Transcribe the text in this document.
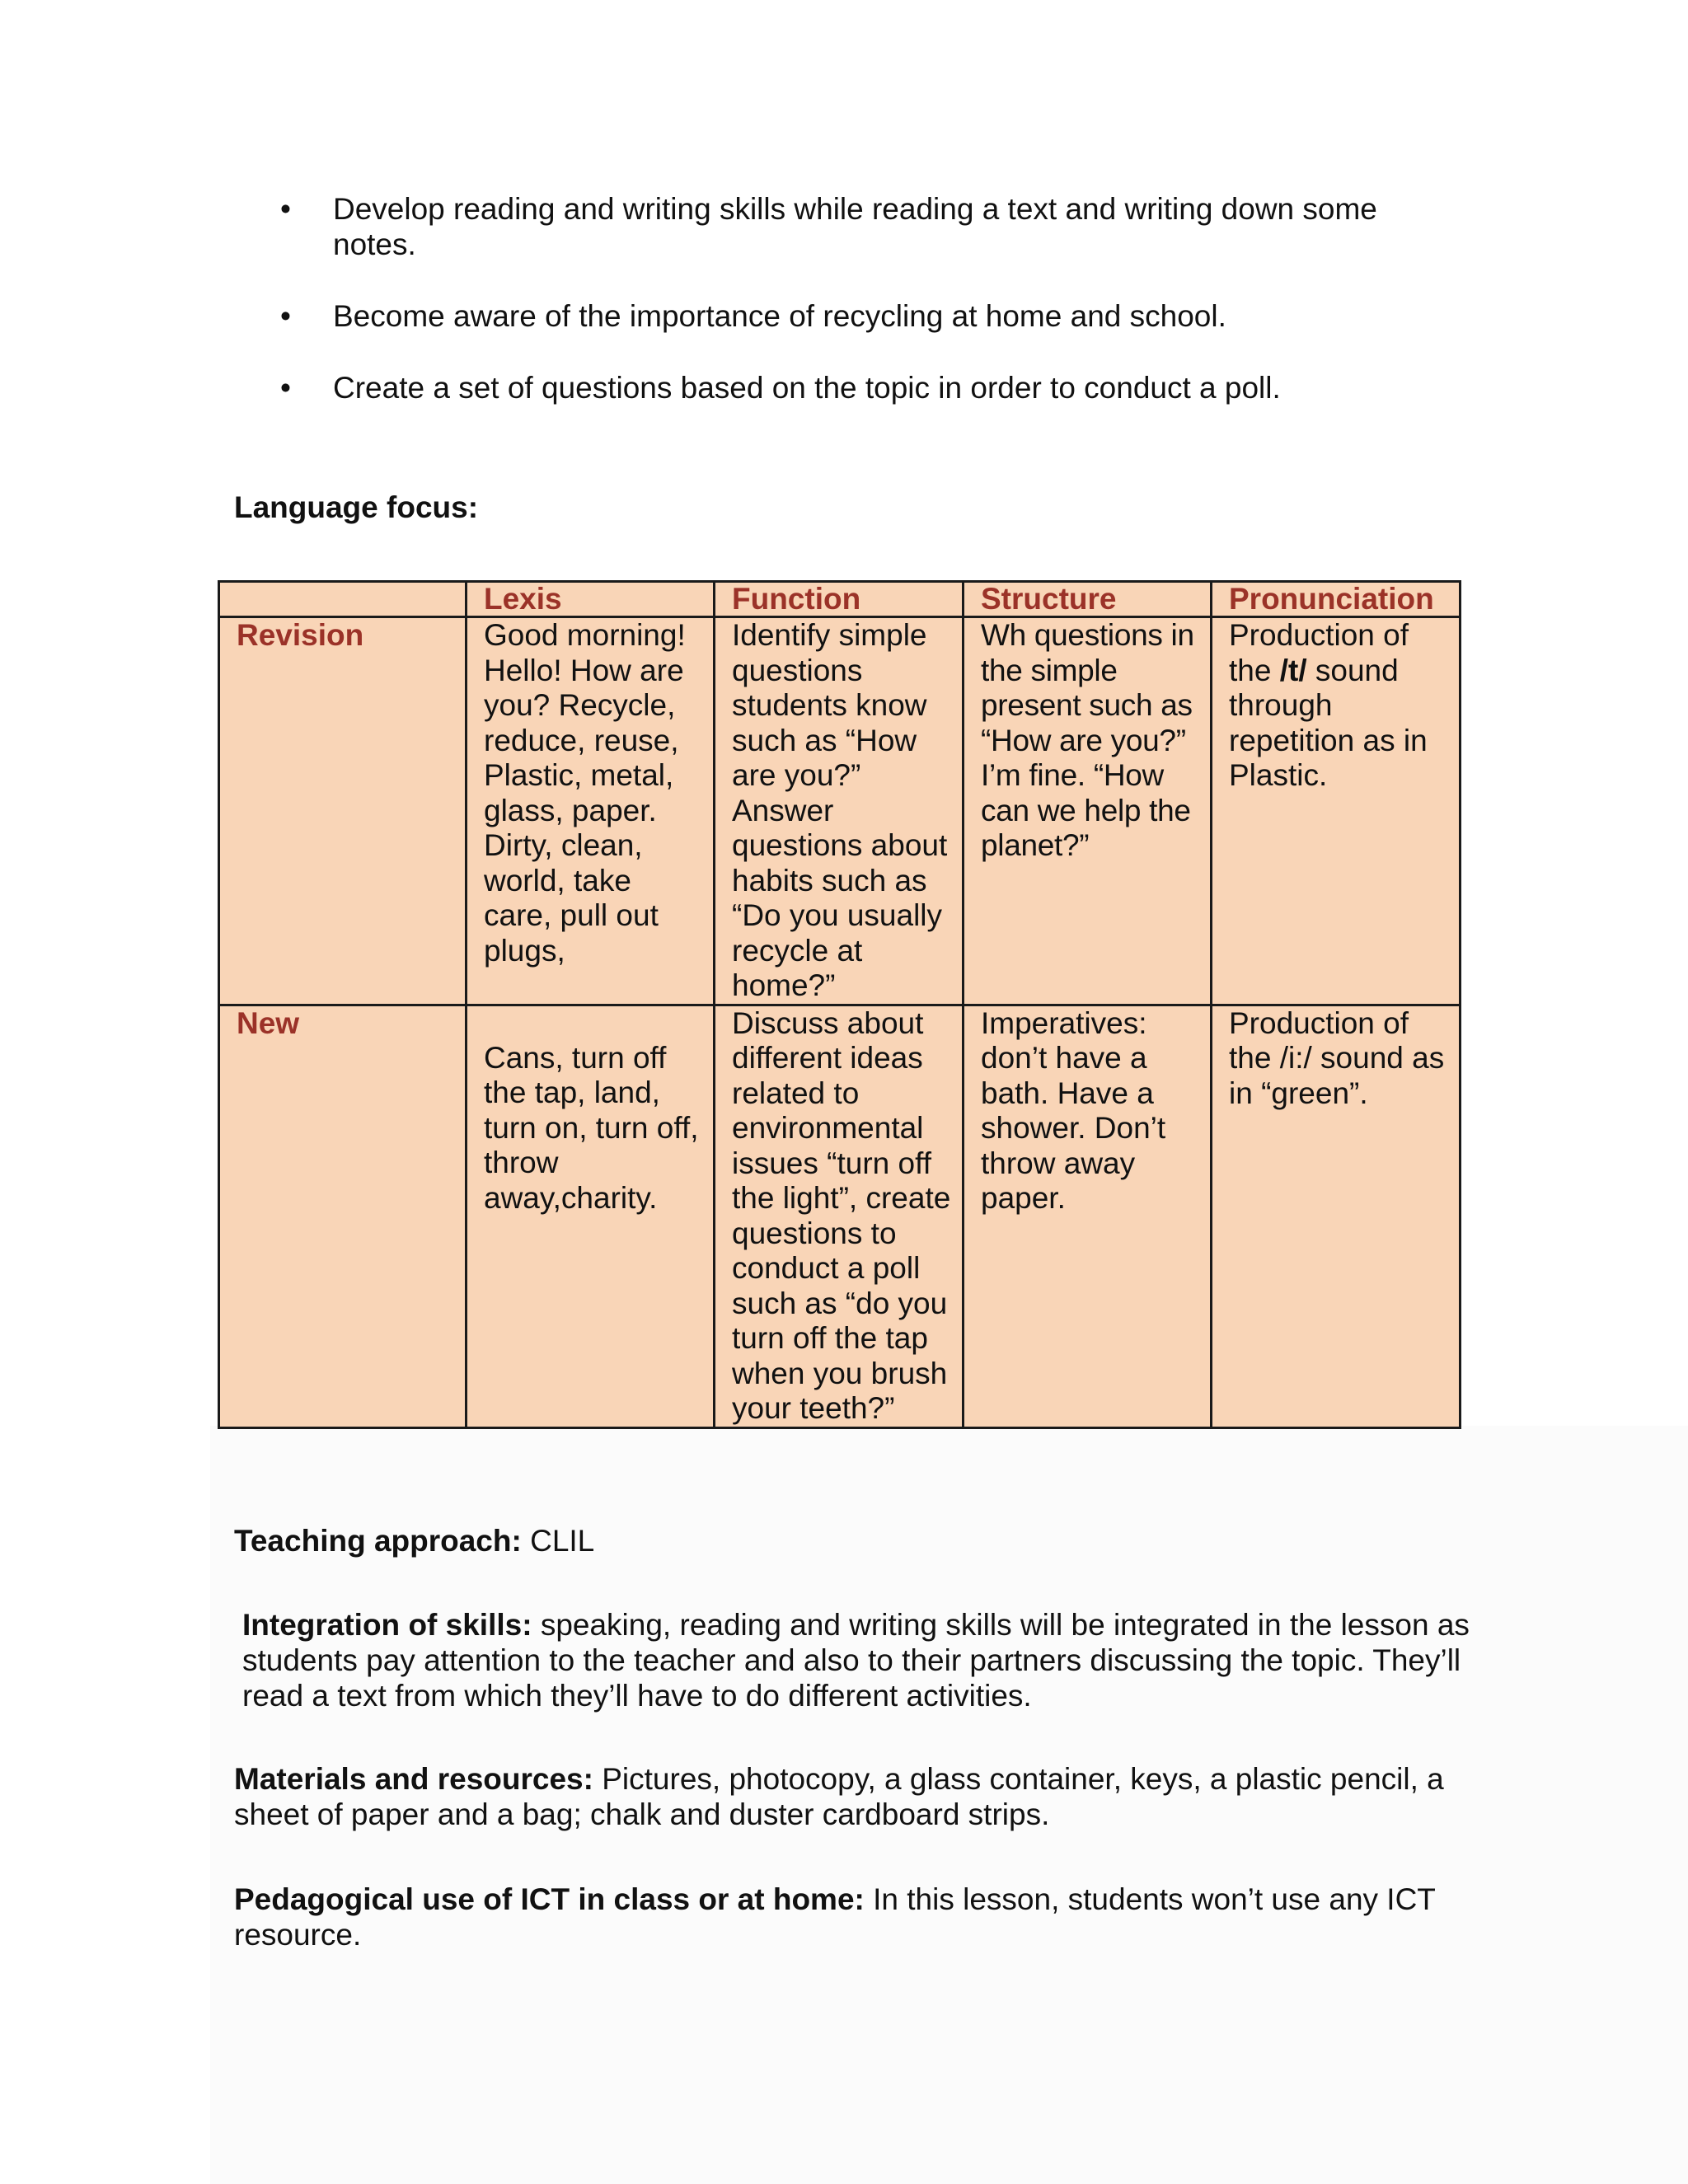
• Develop reading and writing skills while reading a text and writing down some notes.
• Become aware of the importance of recycling at home and school.
• Create a set of questions based on the topic in order to conduct a poll.

Language focus:

	Lexis	Function	Structure	Pronunciation
Revision	Good morning! Hello! How are you? Recycle, reduce, reuse, Plastic, metal, glass, paper. Dirty, clean, world, take care, pull out plugs,	Identify simple questions students know such as “How are you?” Answer questions about habits such as “Do you usually recycle at home?”	Wh questions in the simple present such as “How are you?” I’m fine. “How can we help the planet?”	Production of the /t/ sound through repetition as in Plastic.
New	Cans, turn off the tap, land, turn on, turn off, throw away,charity.	Discuss about different ideas related to environmental issues “turn off the light”, create questions to conduct a poll such as “do you turn off the tap when you brush your teeth?”	Imperatives: don’t have a bath. Have a shower. Don’t throw away paper.	Production of the /i:/ sound as in “green”.

Teaching approach: CLIL

Integration of skills: speaking, reading and writing skills will be integrated in the lesson as students pay attention to the teacher and also to their partners discussing the topic. They’ll read a text from which they’ll have to do different activities.

Materials and resources: Pictures, photocopy, a glass container, keys, a plastic pencil, a sheet of paper and a bag; chalk and duster cardboard strips.

Pedagogical use of ICT in class or at home: In this lesson, students won’t use any ICT resource.
